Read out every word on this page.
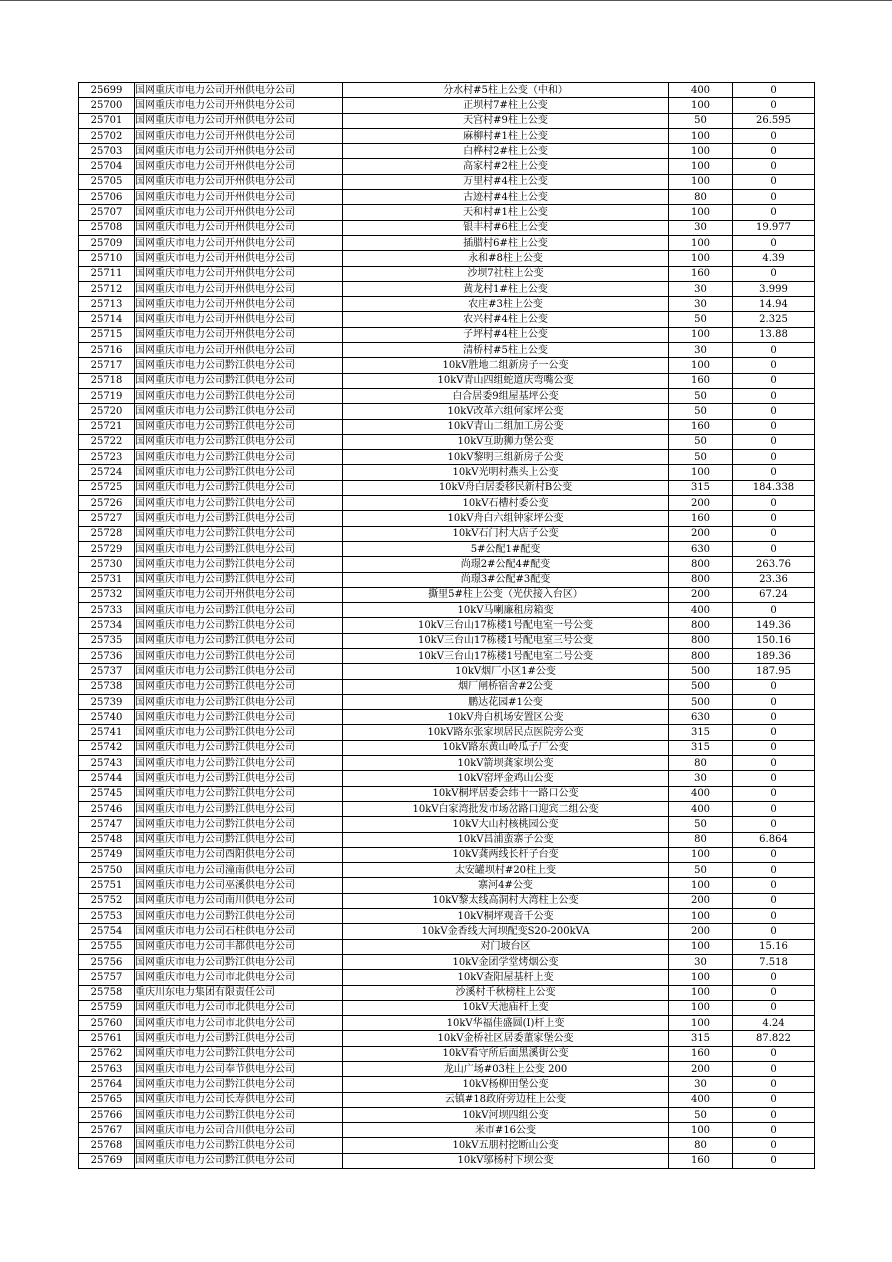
25699	国网重庆市电力公司开州供电分公司	分水村#5柱上公变（中和）	400	0
25700	国网重庆市电力公司开州供电分公司	正坝村7#柱上公变	100	0
25701	国网重庆市电力公司开州供电分公司	天宫村#9柱上公变	50	26.595
25702	国网重庆市电力公司开州供电分公司	麻柳村#1柱上公变	100	0
25703	国网重庆市电力公司开州供电分公司	白桦村2#柱上公变	100	0
25704	国网重庆市电力公司开州供电分公司	高家村#2柱上公变	100	0
25705	国网重庆市电力公司开州供电分公司	万里村#4柱上公变	100	0
25706	国网重庆市电力公司开州供电分公司	古迹村#4柱上公变	80	0
25707	国网重庆市电力公司开州供电分公司	天和村#1柱上公变	100	0
25708	国网重庆市电力公司开州供电分公司	银丰村#6柱上公变	30	19.977
25709	国网重庆市电力公司开州供电分公司	插腊村6#柱上公变	100	0
25710	国网重庆市电力公司开州供电分公司	永和#8柱上公变	100	4.39
25711	国网重庆市电力公司开州供电分公司	沙坝7社柱上公变	160	0
25712	国网重庆市电力公司开州供电分公司	黄龙村1#柱上公变	30	3.999
25713	国网重庆市电力公司开州供电分公司	农庄#3柱上公变	30	14.94
25714	国网重庆市电力公司开州供电分公司	农兴村#4柱上公变	50	2.325
25715	国网重庆市电力公司开州供电分公司	子坪村#4柱上公变	100	13.88
25716	国网重庆市电力公司开州供电分公司	清桥村#5柱上公变	30	0
25717	国网重庆市电力公司黔江供电分公司	10kV胜地二组新房子一公变	100	0
25718	国网重庆市电力公司黔江供电分公司	10kV青山四组蛇道庆弯嘴公变	160	0
25719	国网重庆市电力公司黔江供电分公司	白合居委9组屋基坪公变	50	0
25720	国网重庆市电力公司黔江供电分公司	10kV改革六组何家坪公变	50	0
25721	国网重庆市电力公司黔江供电分公司	10kV青山二组加工房公变	160	0
25722	国网重庆市电力公司黔江供电分公司	10kV互助狮力堡公变	50	0
25723	国网重庆市电力公司黔江供电分公司	10kV黎明三组新房子公变	50	0
25724	国网重庆市电力公司黔江供电分公司	10kV光明村燕头上公变	100	0
25725	国网重庆市电力公司黔江供电分公司	10kV舟白居委移民新村B公变	315	184.338
25726	国网重庆市电力公司黔江供电分公司	10kV石槽村委公变	200	0
25727	国网重庆市电力公司黔江供电分公司	10kV舟白六组钟家坪公变	160	0
25728	国网重庆市电力公司黔江供电分公司	10kV石门村大店子公变	200	0
25729	国网重庆市电力公司黔江供电分公司	5#公配1#配变	630	0
25730	国网重庆市电力公司黔江供电分公司	尚璟2#公配4#配变	800	263.76
25731	国网重庆市电力公司黔江供电分公司	尚璟3#公配#3配变	800	23.36
25732	国网重庆市电力公司开州供电分公司	撕里5#柱上公变（光伏接入台区）	200	67.24
25733	国网重庆市电力公司黔江供电分公司	10kV马喇廉租房箱变	400	0
25734	国网重庆市电力公司黔江供电分公司	10kV三台山17栋楼1号配电室一号公变	800	149.36
25735	国网重庆市电力公司黔江供电分公司	10kV三台山17栋楼1号配电室三号公变	800	150.16
25736	国网重庆市电力公司黔江供电分公司	10kV三台山17栋楼1号配电室二号公变	800	189.36
25737	国网重庆市电力公司黔江供电分公司	10kV烟厂小区1#公变	500	187.95
25738	国网重庆市电力公司黔江供电分公司	烟厂闸桥宿舍#2公变	500	0
25739	国网重庆市电力公司黔江供电分公司	鹏达花园#1公变	500	0
25740	国网重庆市电力公司黔江供电分公司	10kV舟白机场安置区公变	630	0
25741	国网重庆市电力公司黔江供电分公司	10kV路东张家坝居民点医院旁公变	315	0
25742	国网重庆市电力公司黔江供电分公司	10kV路东黄山岭瓜子厂公变	315	0
25743	国网重庆市电力公司黔江供电分公司	10kV箭坝龚家坝公变	80	0
25744	国网重庆市电力公司黔江供电分公司	10kV窑坪金鸡山公变	30	0
25745	国网重庆市电力公司黔江供电分公司	10kV桐坪居委会纬十一路口公变	400	0
25746	国网重庆市电力公司黔江供电分公司	10kV白家湾批发市场岔路口迎宾二组公变	400	0
25747	国网重庆市电力公司黔江供电分公司	10kV大山村核桃园公变	50	0
25748	国网重庆市电力公司黔江供电分公司	10kV昌浦蛮寨子公变	80	6.864
25749	国网重庆市电力公司酉阳供电分公司	10kV龚两线长杆子台变	100	0
25750	国网重庆市电力公司潼南供电分公司	太安罐坝村#20柱上变	50	0
25751	国网重庆市电力公司巫溪供电分公司	寨河4#公变	100	0
25752	国网重庆市电力公司南川供电分公司	10kV黎太线高洞村大湾柱上公变	200	0
25753	国网重庆市电力公司黔江供电分公司	10kV桐坪观音千公变	100	0
25754	国网重庆市电力公司石柱供电分公司	10kV金香线大河坝配变S20-200kVA	200	0
25755	国网重庆市电力公司丰都供电分公司	对门坡台区	100	15.16
25756	国网重庆市电力公司黔江供电分公司	10kV金团学堂烤烟公变	30	7.518
25757	国网重庆市电力公司市北供电分公司	10kV查阳屋基杆上变	100	0
25758	重庆川东电力集团有限责任公司	沙溪村千秋榜柱上公变	100	0
25759	国网重庆市电力公司市北供电分公司	10kV天池庙杆上变	100	0
25760	国网重庆市电力公司市北供电分公司	10kV华福佳盛圆(I)杆上变	100	4.24
25761	国网重庆市电力公司黔江供电分公司	10kV金桥社区居委董家堡公变	315	87.822
25762	国网重庆市电力公司黔江供电分公司	10kV看守所后面黑溪街公变	160	0
25763	国网重庆市电力公司奉节供电分公司	龙山广场#03柱上公变 200	200	0
25764	国网重庆市电力公司黔江供电分公司	10kV杨柳田堡公变	30	0
25765	国网重庆市电力公司长寿供电分公司	云镇#18政府旁边柱上公变	400	0
25766	国网重庆市电力公司黔江供电分公司	10kV河坝四组公变	50	0
25767	国网重庆市电力公司合川供电分公司	米市#16公变	100	0
25768	国网重庆市电力公司黔江供电分公司	10kV五朋村挖断山公变	80	0
25769	国网重庆市电力公司黔江供电分公司	10kV邬杨村下坝公变	160	0
